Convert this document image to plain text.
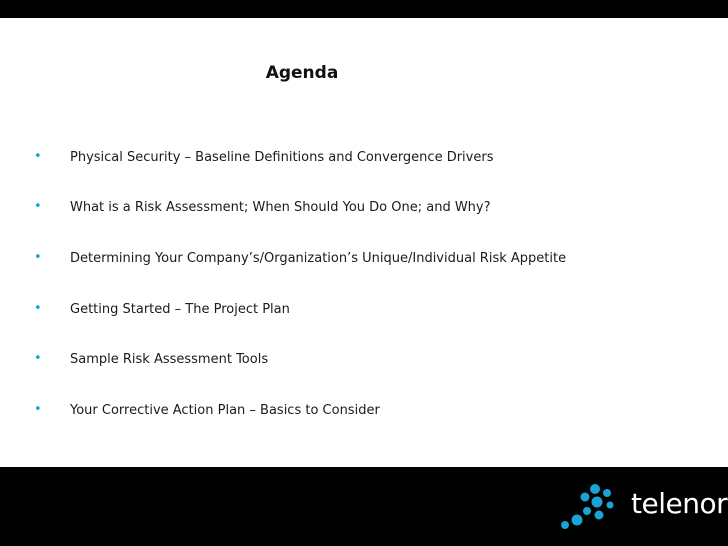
Agenda
•	Physical Security – Baseline Definitions and Convergence Drivers
•	What is a Risk Assessment; When Should You Do One; and Why?
•	Determining Your Company’s/Organization’s Unique/Individual Risk Appetite
•	Getting Started – The Project Plan
•	Sample Risk Assessment Tools
•	Your Corrective Action Plan – Basics to Consider
telenor
